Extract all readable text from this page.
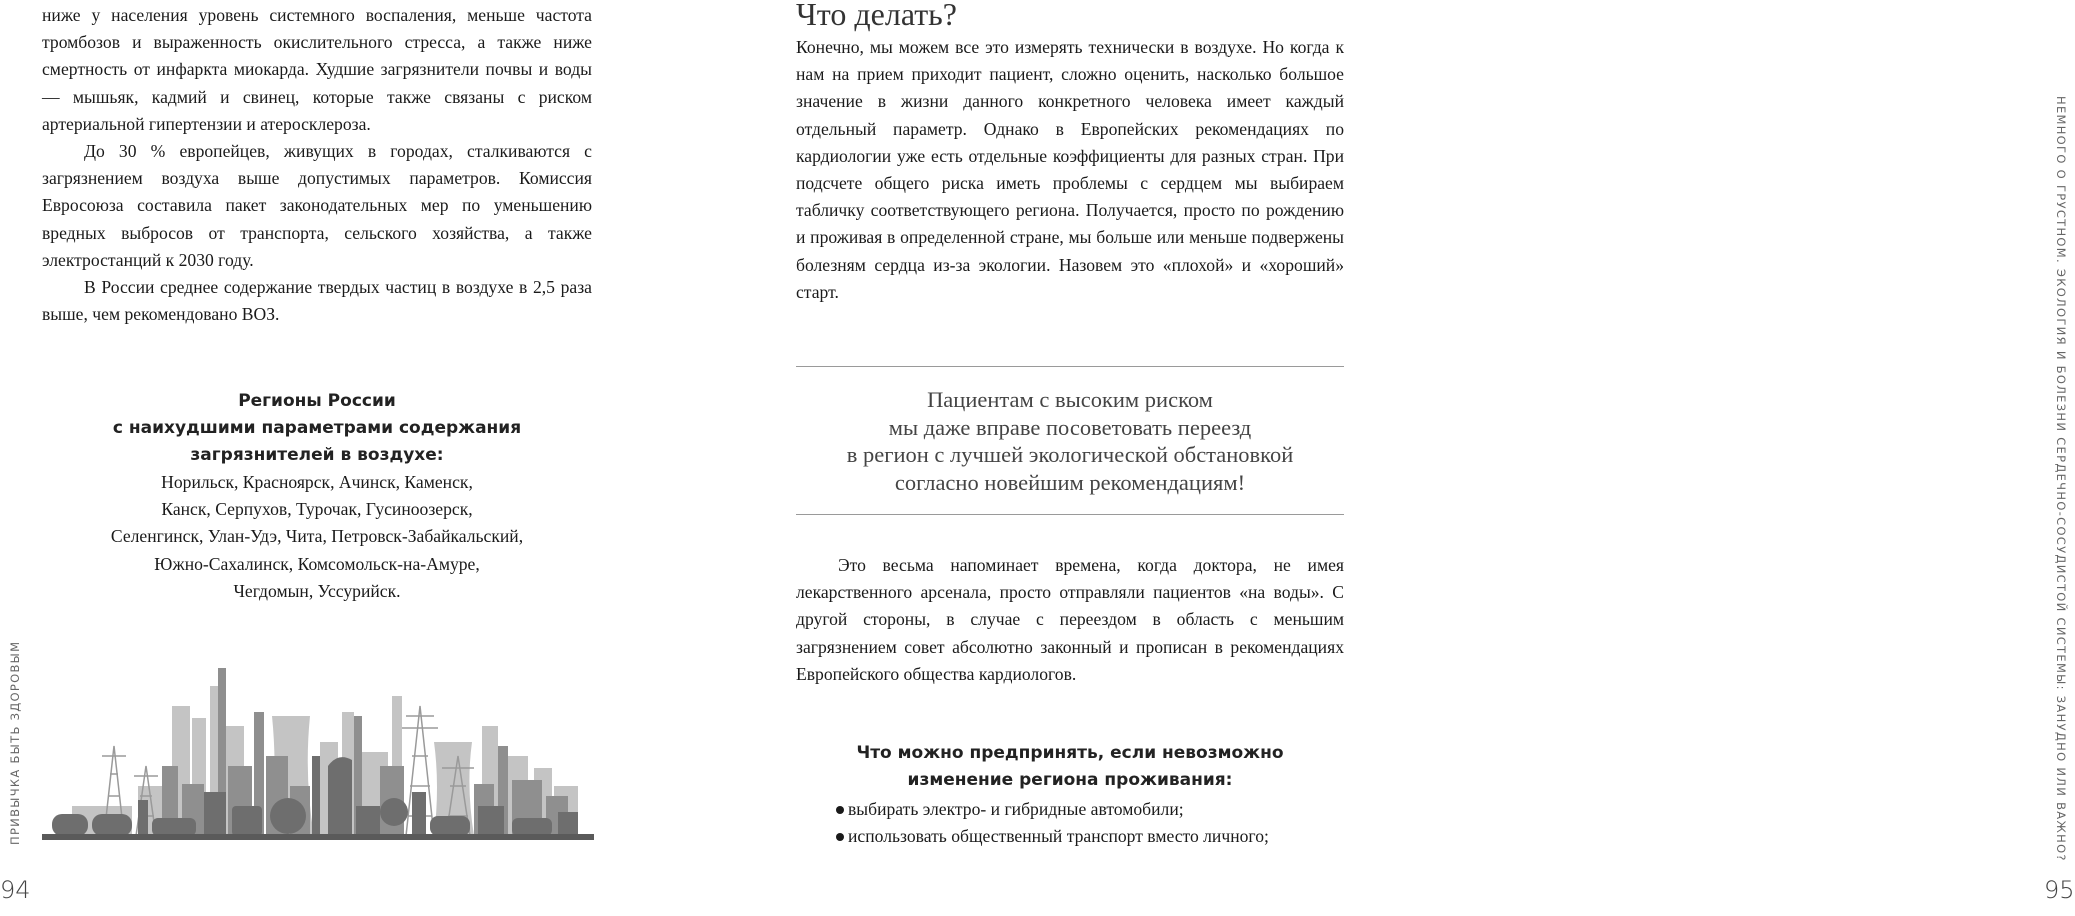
ниже у населения уровень системного воспаления, меньше частота тромбозов и выраженность окислительного стресса, а также ниже смертность от инфаркта миокарда. Худшие загрязнители почвы и воды — мышьяк, кадмий и свинец, которые также связаны с риском артериальной гипертензии и атеросклероза.

До 30 % европейцев, живущих в городах, сталкиваются с загрязнением воздуха выше допустимых параметров. Комиссия Евросоюза составила пакет законодательных мер по уменьшению вредных выбросов от транспорта, сельского хозяйства, а также электростанций к 2030 году.

В России среднее содержание твердых частиц в воздухе в 2,5 раза выше, чем рекомендовано ВОЗ.

Регионы России
с наихудшими параметрами содержания
загрязнителей в воздухе:
Норильск, Красноярск, Ачинск, Каменск,
Канск, Серпухов, Турочак, Гусиноозерск,
Селенгинск, Улан-Удэ, Чита, Петровск-Забайкальский,
Южно-Сахалинск, Комсомольск-на-Амуре,
Чегдомын, Уссурийск.
ПРИВЫЧКА БЫТЬ ЗДОРОВЫМ
94
Что делать?

Конечно, мы можем все это измерять технически в воздухе. Но когда к нам на прием приходит пациент, сложно оценить, насколько большое значение в жизни данного конкретного человека имеет каждый отдельный параметр. Однако в Европейских рекомендациях по кардиологии уже есть отдельные коэффициенты для разных стран. При подсчете общего риска иметь проблемы с сердцем мы выбираем табличку соответствующего региона. Получается, просто по рождению и проживая в определенной стране, мы больше или меньше подвержены болезням сердца из-за экологии. Назовем это «плохой» и «хороший» старт.

Пациентам с высоким риском
мы даже вправе посоветовать переезд
в регион с лучшей экологической обстановкой
согласно новейшим рекомендациям!

Это весьма напоминает времена, когда доктора, не имея лекарственного арсенала, просто отправляли пациентов «на воды». С другой стороны, в случае с переездом в область с меньшим загрязнением совет абсолютно законный и прописан в рекомендациях Европейского общества кардиологов.

Что можно предпринять, если невозможно
изменение региона проживания:
выбирать электро- и гибридные автомобили;
использовать общественный транспорт вместо личного;	НЕМНОГО О ГРУСТНОМ. ЭКОЛОГИЯ И БОЛЕЗНИ СЕРДЕЧНО-СОСУДИСТОЙ СИСТЕМЫ: ЗАНУДНО ИЛИ ВАЖНО?
95
